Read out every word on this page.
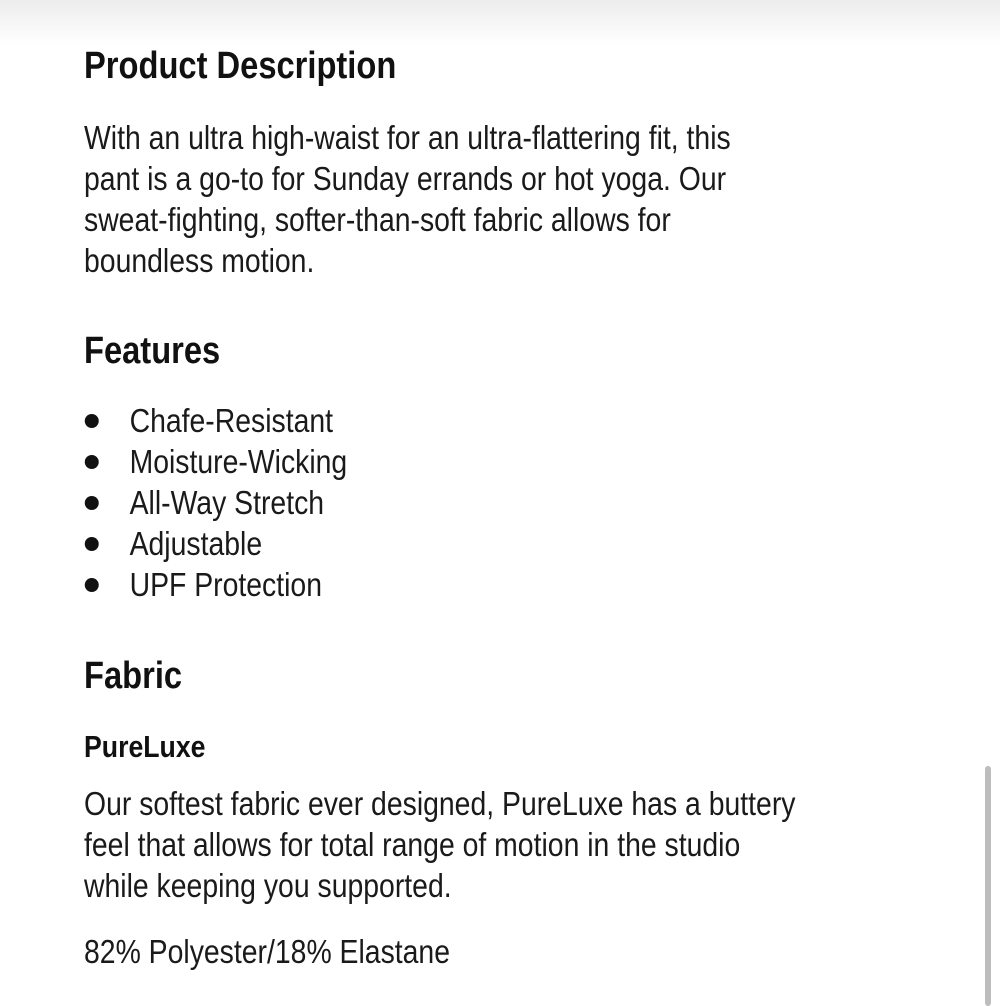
Product Description
With an ultra high-waist for an ultra-flattering fit, this
pant is a go-to for Sunday errands or hot yoga. Our
sweat-fighting, softer-than-soft fabric allows for
boundless motion.
Features
Chafe-Resistant
Moisture-Wicking
All-Way Stretch
Adjustable
UPF Protection
Fabric
PureLuxe
Our softest fabric ever designed, PureLuxe has a buttery
feel that allows for total range of motion in the studio
while keeping you supported.
82% Polyester/18% Elastane
